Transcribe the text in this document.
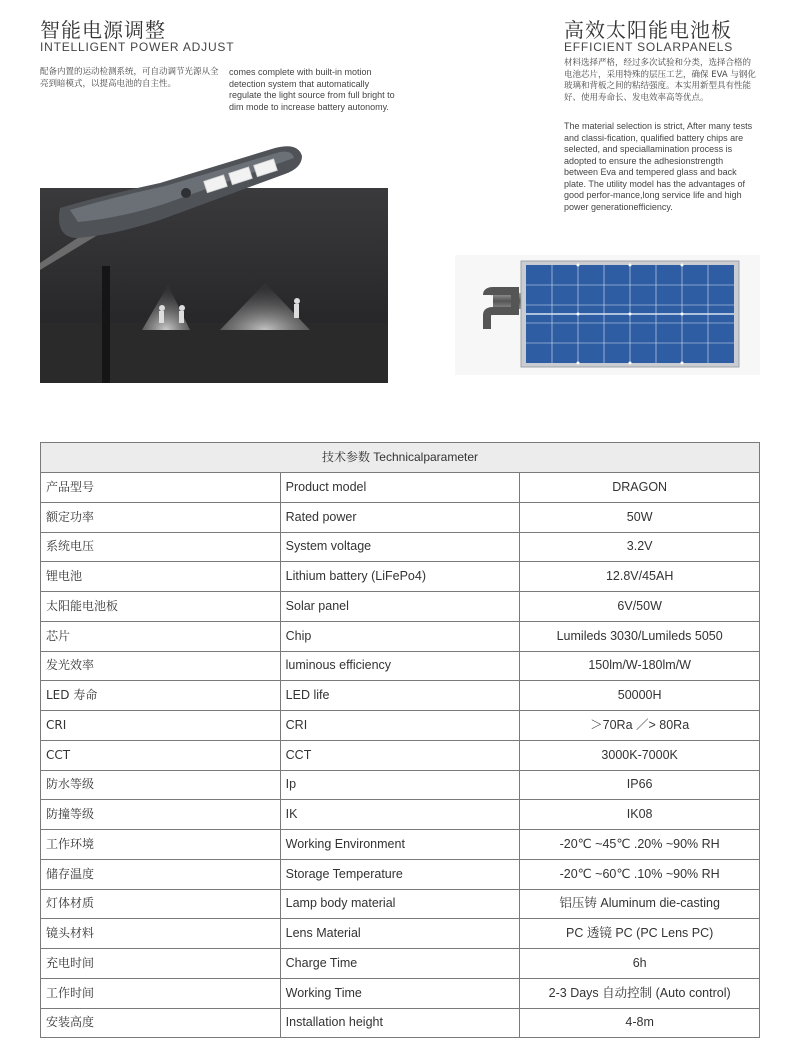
智能电源调整
INTELLIGENT POWER ADJUST
配备内置的运动检测系统，可自动调节光源从全亮到暗模式，以提高电池的自主性。
comes complete with built-in motion detection system that automatically regulate the light source from full bright to dim mode to increase battery autonomy.
高效太阳能电池板
EFFICIENT SOLARPANELS
材料选择严格，经过多次试验和分类，选择合格的电池芯片，采用特殊的层压工艺，确保 EVA 与钢化玻璃和背板之间的粘结强度。本实用新型具有性能好、使用寿命长、发电效率高等优点。
The material selection is strict, After many tests and classi-fication, qualified battery chips are selected, and speciallamination process is adopted to ensure the adhesionstrength between Eva and tempered glass and back plate. The utility model has the advantages of good perfor-mance,long service life and high power generationefficiency.
技术参数 Technicalparameter		
产品型号	Product model	DRAGON
额定功率	Rated power	50W
系统电压	System voltage	3.2V
锂电池	Lithium battery (LiFePo4)	12.8V/45AH
太阳能电池板	Solar panel	6V/50W
芯片	Chip	Lumileds 3030/Lumileds 5050
发光效率	luminous efficiency	150lm/W-180lm/W
LED 寿命	LED life	50000H
CRI	CRI	＞70Ra ／> 80Ra
CCT	CCT	3000K-7000K
防水等级	Ip	IP66
防撞等级	IK	IK08
工作环境	Working Environment	-20℃ ~45℃ .20% ~90% RH
储存温度	Storage Temperature	-20℃ ~60℃ .10% ~90% RH
灯体材质	Lamp body material	铝压铸 Aluminum die-casting
镜头材料	Lens Material	PC 透镜 PC (PC Lens PC)
充电时间	Charge Time	6h
工作时间	Working Time	2-3 Days 自动控制 (Auto control)
安装高度	Installation height	4-8m
